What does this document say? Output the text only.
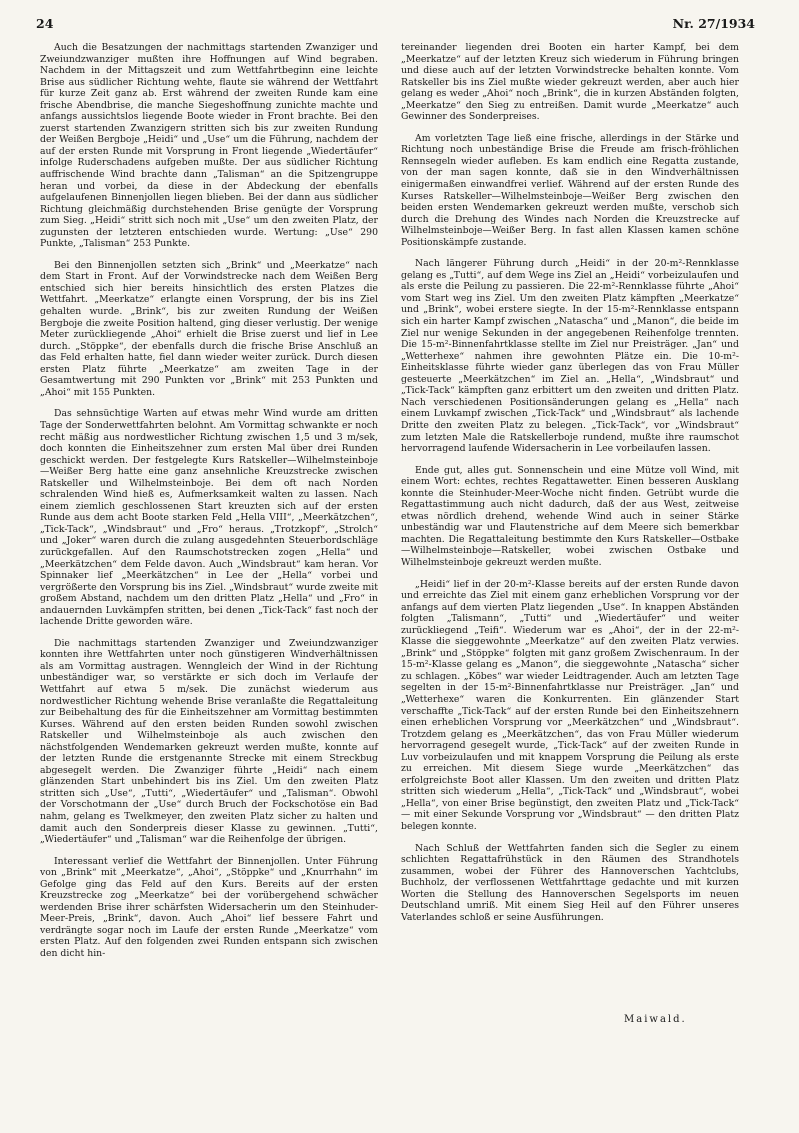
24	Nr. 27/1934

Auch die Besatzungen der nachmittags startenden Zwanziger und Zweiundzwanziger mußten ihre Hoffnungen auf Wind begraben. Nachdem in der Mittagszeit und zum Wettfahrtbeginn eine leichte Brise aus südlicher Richtung wehte, flaute sie während der Wettfahrt für kurze Zeit ganz ab. Erst während der zweiten Runde kam eine frische Abendbrise, die manche Siegeshoffnung zunichte machte und anfangs aussichtslos liegende Boote wieder in Front brachte. Bei den zuerst startenden Zwanzigern stritten sich bis zur zweiten Rundung der Weißen Bergboje „Heidi“ und „Use“ um die Führung, nachdem der auf der ersten Runde mit Vorsprung in Front liegende „Wiedertäufer“ infolge Ruderschadens aufgeben mußte. Der aus südlicher Richtung auffrischende Wind brachte dann „Talisman“ an die Spitzengruppe heran und vorbei, da diese in der Abdeckung der ebenfalls aufgelaufenen Binnenjollen liegen blieben. Bei der dann aus südlicher Richtung gleichmäßig durchstehenden Brise genügte der Vorsprung zum Sieg. „Heidi“ stritt sich noch mit „Use“ um den zweiten Platz, der zugunsten der letzteren entschieden wurde. Wertung: „Use“ 290 Punkte, „Talisman“ 253 Punkte.

Bei den Binnenjollen setzten sich „Brink“ und „Meerkatze“ nach dem Start in Front. Auf der Vorwindstrecke nach dem Weißen Berg entschied sich hier bereits hinsichtlich des ersten Platzes die Wettfahrt. „Meerkatze“ erlangte einen Vorsprung, der bis ins Ziel gehalten wurde. „Brink“, bis zur zweiten Rundung der Weißen Bergboje die zweite Position haltend, ging dieser verlustig. Der wenige Meter zurückliegende „Ahoi“ erhielt die Brise zuerst und lief in Lee durch. „Stöppke“, der ebenfalls durch die frische Brise Anschluß an das Feld erhalten hatte, fiel dann wieder weiter zurück. Durch diesen ersten Platz führte „Meerkatze“ am zweiten Tage in der Gesamtwertung mit 290 Punkten vor „Brink“ mit 253 Punkten und „Ahoi“ mit 155 Punkten.

Das sehnsüchtige Warten auf etwas mehr Wind wurde am dritten Tage der Sonderwettfahrten belohnt. Am Vormittag schwankte er noch recht mäßig aus nordwestlicher Richtung zwischen 1,5 und 3 m/sek, doch konnten die Einheitszehner zum ersten Mal über drei Runden geschickt werden. Der festgelegte Kurs Ratskeller—Wilhelmsteinboje—Weißer Berg hatte eine ganz ansehnliche Kreuzstrecke zwischen Ratskeller und Wilhelmsteinboje. Bei dem oft nach Norden schralenden Wind hieß es, Aufmerksamkeit walten zu lassen. Nach einem ziemlich geschlossenen Start kreuzten sich auf der ersten Runde aus dem acht Boote starken Feld „Hella VIII“, „Meerkätzchen“, „Tick-Tack“, „Windsbraut“ und „Fro“ heraus. „Trotzkopf“, „Strolch“ und „Joker“ waren durch die zulang ausgedehnten Steuerbordschläge zurückgefallen. Auf den Raumschotstrecken zogen „Hella“ und „Meerkätzchen“ dem Felde davon. Auch „Windsbraut“ kam heran. Vor Spinnaker lief „Meerkätzchen“ in Lee der „Hella“ vorbei und vergrößerte den Vorsprung bis ins Ziel. „Windsbraut“ wurde zweite mit großem Abstand, nachdem um den dritten Platz „Hella“ und „Fro“ in andauernden Luvkämpfen stritten, bei denen „Tick-Tack“ fast noch der lachende Dritte geworden wäre.

Die nachmittags startenden Zwanziger und Zweiundzwanziger konnten ihre Wettfahrten unter noch günstigeren Windverhältnissen als am Vormittag austragen. Wenngleich der Wind in der Richtung unbeständiger war, so verstärkte er sich doch im Verlaufe der Wettfahrt auf etwa 5 m/sek. Die zunächst wiederum aus nordwestlicher Richtung wehende Brise veranlaßte die Regattaleitung zur Beibehaltung des für die Einheitszehner am Vormittag bestimmten Kurses. Während auf den ersten beiden Runden sowohl zwischen Ratskeller und Wilhelmsteinboje als auch zwischen den nächstfolgenden Wendemarken gekreuzt werden mußte, konnte auf der letzten Runde die erstgenannte Strecke mit einem Streckbug abgesegelt werden. Die Zwanziger führte „Heidi“ nach einem glänzenden Start unbehindert bis ins Ziel. Um den zweiten Platz stritten sich „Use“, „Tutti“, „Wiedertäufer“ und „Talisman“. Obwohl der Vorschotmann der „Use“ durch Bruch der Fockschotöse ein Bad nahm, gelang es Twelkmeyer, den zweiten Platz sicher zu halten und damit auch den Sonderpreis dieser Klasse zu gewinnen. „Tutti“, „Wiedertäufer“ und „Talisman“ war die Reihenfolge der übrigen.

Interessant verlief die Wettfahrt der Binnenjollen. Unter Führung von „Brink“ mit „Meerkatze“, „Ahoi“, „Stöppke“ und „Knurrhahn“ im Gefolge ging das Feld auf den Kurs. Bereits auf der ersten Kreuzstrecke zog „Meerkatze“ bei der vorübergehend schwächer werdenden Brise ihrer schärfsten Widersacherin um den Steinhuder-Meer-Preis, „Brink“, davon. Auch „Ahoi“ lief bessere Fahrt und verdrängte sogar noch im Laufe der ersten Runde „Meerkatze“ vom ersten Platz. Auf den folgenden zwei Runden entspann sich zwischen den dicht hin-

tereinander liegenden drei Booten ein harter Kampf, bei dem „Meerkatze“ auf der letzten Kreuz sich wiederum in Führung bringen und diese auch auf der letzten Vorwindstrecke behalten konnte. Vom Ratskeller bis ins Ziel mußte wieder gekreuzt werden, aber auch hier gelang es weder „Ahoi“ noch „Brink“, die in kurzen Abständen folgten, „Meerkatze“ den Sieg zu entreißen. Damit wurde „Meerkatze“ auch Gewinner des Sonderpreises.

Am vorletzten Tage ließ eine frische, allerdings in der Stärke und Richtung noch unbeständige Brise die Freude am frisch-fröhlichen Rennsegeln wieder aufleben. Es kam endlich eine Regatta zustande, von der man sagen konnte, daß sie in den Windverhältnissen einigermaßen einwandfrei verlief. Während auf der ersten Runde des Kurses Ratskeller—Wilhelmsteinboje—Weißer Berg zwischen den beiden ersten Wendemarken gekreuzt werden mußte, verschob sich durch die Drehung des Windes nach Norden die Kreuzstrecke auf Wilhelmsteinboje—Weißer Berg. In fast allen Klassen kamen schöne Positionskämpfe zustande.

Nach längerer Führung durch „Heidi“ in der 20-m²-Rennklasse gelang es „Tutti“, auf dem Wege ins Ziel an „Heidi“ vorbeizulaufen und als erste die Peilung zu passieren. Die 22-m²-Rennklasse führte „Ahoi“ vom Start weg ins Ziel. Um den zweiten Platz kämpften „Meerkatze“ und „Brink“, wobei erstere siegte. In der 15-m²-Rennklasse entspann sich ein harter Kampf zwischen „Natascha“ und „Manon“, die beide im Ziel nur wenige Sekunden in der angegebenen Reihenfolge trennten. Die 15-m²-Binnenfahrtklasse stellte im Ziel nur Preisträger. „Jan“ und „Wetterhexe“ nahmen ihre gewohnten Plätze ein. Die 10-m²-Einheitsklasse führte wieder ganz überlegen das von Frau Müller gesteuerte „Meerkätzchen“ im Ziel an. „Hella“, „Windsbraut“ und „Tick-Tack“ kämpften ganz erbittert um den zweiten und dritten Platz. Nach verschiedenen Positionsänderungen gelang es „Hella“ nach einem Luvkampf zwischen „Tick-Tack“ und „Windsbraut“ als lachende Dritte den zweiten Platz zu belegen. „Tick-Tack“, vor „Windsbraut“ zum letzten Male die Ratskellerboje rundend, mußte ihre raumschot hervorragend laufende Widersacherin in Lee vorbeilaufen lassen.

Ende gut, alles gut. Sonnenschein und eine Mütze voll Wind, mit einem Wort: echtes, rechtes Regattawetter. Einen besseren Ausklang konnte die Steinhuder-Meer-Woche nicht finden. Getrübt wurde die Regattastimmung auch nicht dadurch, daß der aus West, zeitweise etwas nördlich drehend, wehende Wind auch in seiner Stärke unbeständig war und Flautenstriche auf dem Meere sich bemerkbar machten. Die Regattaleitung bestimmte den Kurs Ratskeller—Ostbake—Wilhelmsteinboje—Ratskeller, wobei zwischen Ostbake und Wilhelmsteinboje gekreuzt werden mußte.

„Heidi“ lief in der 20-m²-Klasse bereits auf der ersten Runde davon und erreichte das Ziel mit einem ganz erheblichen Vorsprung vor der anfangs auf dem vierten Platz liegenden „Use“. In knappen Abständen folgten „Talismann“, „Tutti“ und „Wiedertäufer“ und weiter zurückliegend „Teifi“. Wiederum war es „Ahoi“, der in der 22-m²-Klasse die sieggewohnte „Meerkatze“ auf den zweiten Platz verwies. „Brink“ und „Stöppke“ folgten mit ganz großem Zwischenraum. In der 15-m²-Klasse gelang es „Manon“, die sieggewohnte „Natascha“ sicher zu schlagen. „Köbes“ war wieder Leidtragender. Auch am letzten Tage segelten in der 15-m²-Binnenfahrtklasse nur Preisträger. „Jan“ und „Wetterhexe“ waren die Konkurrenten. Ein glänzender Start verschaffte „Tick-Tack“ auf der ersten Runde bei den Einheitszehnern einen erheblichen Vorsprung vor „Meerkätzchen“ und „Windsbraut“. Trotzdem gelang es „Meerkätzchen“, das von Frau Müller wiederum hervorragend gesegelt wurde, „Tick-Tack“ auf der zweiten Runde in Luv vorbeizulaufen und mit knappem Vorsprung die Peilung als erste zu erreichen. Mit diesem Siege wurde „Meerkätzchen“ das erfolgreichste Boot aller Klassen. Um den zweiten und dritten Platz stritten sich wiederum „Hella“, „Tick-Tack“ und „Windsbraut“, wobei „Hella“, von einer Brise begünstigt, den zweiten Platz und „Tick-Tack“ — mit einer Sekunde Vorsprung vor „Windsbraut“ — den dritten Platz belegen konnte.

Nach Schluß der Wettfahrten fanden sich die Segler zu einem schlichten Regattafrühstück in den Räumen des Strandhotels zusammen, wobei der Führer des Hannoverschen Yachtclubs, Buchholz, der verflossenen Wettfahrttage gedachte und mit kurzen Worten die Stellung des Hannoverschen Segelsports im neuen Deutschland umriß. Mit einem Sieg Heil auf den Führer unseres Vaterlandes schloß er seine Ausführungen.

Maiwald.
